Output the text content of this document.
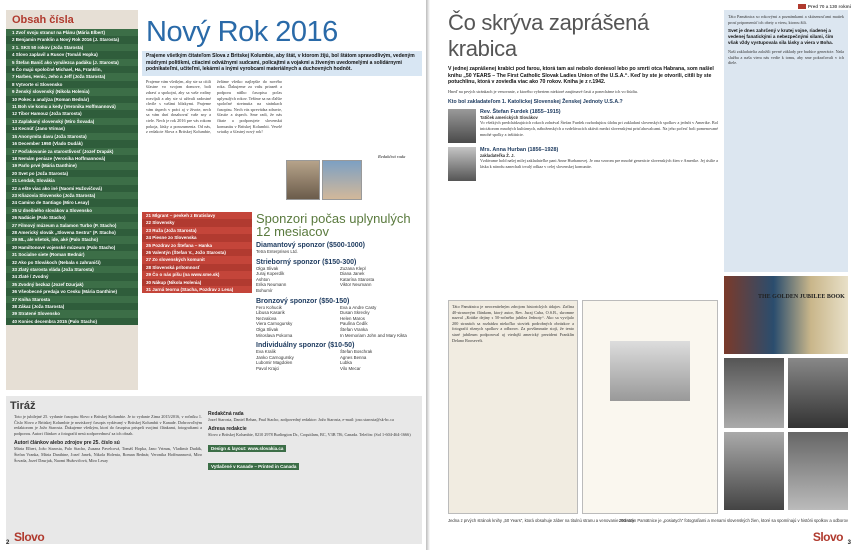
Obsah čísla
1 Zvoľ svoju stranu! na Plánu (Mária Elbert)
2 Benjamin Franklin a Nový Rok 2016 (J. Starosta)
3 1. SKS 50 rokov (Joža Starosta)
4 Slovo zaplavil a Rusov (Tomáš Hopka)
5 Štefan Banič ako vynálezca padáku (J. Starosta)
6 Čo majú spoločné Michael, Ha, Franklin,
7 Harbes, Henic, Jeho a Jeff (Joža Starosta)
8 Vytvorte si Slovensko
9 Ženský slovenský (Nikola Holenia)
10 Pokec a analýza (Roman Bednár)
11 Boh vie komu a kedy (Veronika Hoffmannová)
12 Tibor Hamouz (Joža Starosta)
13 Zaplakaný slovenský (Miro Šovada)
14 Kecnúť (Jano Vrimas)
15 Anonymita davu (Joža Starosta)
16 December 1950 (Vlado Dudák)
17 Poďakovanie za starostlivosť (Jozef Drapák)
18 Nemám peniaze (Veronika Hoffmannová)
19 Parlo prvé (Mária Danthine)
20 Svet po (Joža Starosta)
21 Lendak, Slovákia
22 a ešte viac ako iné (Naomi Hužovičová)
23 Kňazovia Slovensko (Joža Starosta)
24 Camino de Santiago (Miro Lesay)
25 U dnešného slovákov a Slovensko
26 Nadácie (Palo Stacho)
27 Filmový múzeum a Salamon Turbo (P. Stacho)
28 Americký slovák „Slovena Sestra“ (P. Stacho)
29 ML, ale všetok, ide, aké (Palo Stacho)
30 Hamiltonové vojenské múzeum (Palo Stacho)
31 Socialne siete (Roman Bednár)
32 Ako po Slovákoch (Nebala s zahraničí)
33 Zlatý starosta vláda (Joža Starosta)
34 Zlaté / Zvodný
35 Zvodný bezkaz (Jozef Dzurjak)
36 Všeobecné predaja vo Cesku (Mária Danthine)
37 Kniha Starosta
38 Zákaz (Joža Starosta)
39 Stratené Slovensko
40 Koniec decembra 2015 (Palo Stacho)
Nový Rok 2016

Prajeme všetkým čitateľom Slova z Britskej Kolumbie, aby štát, v ktorom žijú, bol štátom spravodlivým, vedeným múdrymi politikmi, ctiacimi odvážnymi sudcami, policajtmi a vojakmi a živeným uvedomelými a solidárnymi podnikateľmi, učiteľmi, lekármi a inými vyrobcami materiálnych a duchovných hodnôt.

Prajeme vám všetkým, aby ste sa cítili šťastne vo svojom domove, boli zdraví a spokojní, aby sa vaše rodiny rozvíjali a aby ste si užívali radostné chvíle s vašimi blízkymi. Prajeme vám úspech v práci aj v živote, nech sa vám darí dosahovať vaše sny a ciele. Nech je rok 2016 pre vás rokom pokoja, lásky a porozumenia. Od nás, z redakcie Slova z Britskej Kolumbie, želáme všetko najlepšie do nového roka. Ďakujeme za vašu priazeň a podporu nášho časopisu počas uplynulých rokov. Tešíme sa na ďalšie spoločné stretnutia na stránkach časopisu. Nech vás sprevádza zdravie, šťastie a úspech. Sme radi, že nás čítate a podporujete slovenskú komunitu v Britskej Kolumbii. Veselé sviatky a šťastný nový rok!
Redakčná rada
21 Mlgrant – pevkeh z Bratislavy
22 Slovensky
23 Ruža (Joža Starosta)
24 Piesne zo Slovenska
25 Pozdrav zo Štefana – Hanka
26 Valentýn (Štefan V., Jožo Starosta)
27 Zo slovenských komunit
28 Slovenská prítomnosť
29 Čo o nás píšu (na www.sme.sk)
30 Nákup (Nikola Holenia)
31 Jarná teorna (Stacha, Pozdrav z Lesa)
Sponzori počas uplynulých 12 mesiacov
Diamantový sponzor ($500-1000)
Tetra Enterprises Ltd.
Strieborný sponzor ($150-300)
Olga Slivak
Juraj Koperdík
Ashton
Erika Neumann
Bohumír
Zuzana Klepl
Diana Janek
Katarína Starosta
Viktor Neumann
Bronzový sponzor ($50-150)
Fero Kohucik
Libusa Kasarik
Nezvalova
Viera Carnogursky
Olga Slivak
Miroslava Pokorna
Eva a Andre Casty
Dusan Skrecky
Helen Maros
Paulína Čedík
Štefan Vranka
In Memoriam John and Mary Kikta
Individuálny sponzor ($10-50)
Eva Kralik
Janko Carnogursky
Lubomir Magdolen
Pavol Krajci
Štefan Boschrak
Agnes Benna
Lubka
Vilo Mecar
Tiráž

Toto je jubilejné 25. vydanie časopisu Slovo z Britskej Kolumbie. Je to vydanie Zima 2015/2016, v ročníku 1. Číslo Slovo z Britskej Kolumbie je neziskový časopis vydávaný v Britskej Kolumbii v Kanade. Dobrovoľným redaktorom je Jožo Starosta. Ďakujeme všetkým, ktorí do časopisu prispeli svojimi článkami, fotografiami a podporou. Autori článkov a fotografií nesú zodpovednosť za ich obsah.

Autori článkov alebo zdrojov pre 25. číslo sú

Mária Elbert, Jožo Starosta, Palo Stacho, Zuzana Pavelcová, Tomáš Hopka, Jano Vrimas, Vladimír Dudák, Štefan Vranka, Mária Danthine, Jozef Janek, Nikola Holenia, Roman Bednár, Veronika Hoffmannová, Miro Šovada, Jozef Dzurjak, Naomi Hužovičová, Miro Lesay

Redakčná rada

Jozef Starosta, Daniel Behan, Paul Stacho, zodpovedný redaktor: Jožo Starosta, e-mail: joso.starosta@sk-bc.ca

Adresa redakcie

Slovo z Britskej Kolumbie, 8210 2978 Burlington Dr., Coquitlam, BC, V3B 7J6, Canada. Telefón: (Sol 1-604-464-1666)

Design & layout: www.slovakia.ca
Vytlačené v Kanade – Printed in Canada
2 Slovo
Pred 70 a 130 rokmi
Čo skrýva zaprášená krabica

V jednej zaprášenej krabici pod farou, ktorá tam asi nebolo doniesol lebo po smrti otca Habrana, som našiel knihu „50 YEARS – The First Catholic Slovak Ladies Union of the U.S.A.“. Keď by ste je otvorili, citili by ste potuchlinu, ktorá v zoviedla viac ako 70 rokov. Kniha je z r.1942.

Hneď na prvých stránkach je venovanie, z ktorého vyberiem niektoré zaujímavé časti a ponecháme ich vo štúdiu.

Kto bol zakladateľom 1. Katolíckej Slovenskej Ženskej Jednoty U.S.A.?

Rev. Štefan Furdek (1855–1915)
Tatíček amerických Slovákov

Vo všetkých predchádzajúcich rokoch zohrával Štefan Furdek rozhodujúcu úlohu pri zakladaní slovenských spolkov a jednôt v Amerike. Bol iniciátorom mnohých kultúrnych, náboženských a vzdelávacích aktivít medzi slovenskými prisťahovalcami. Na jeho počesť boli pomenované mnohé spolky a inštitúcie.

Mrs. Anna Hurban (1856–1928)
zakladateľka Ž. J.

Vzdávame hold našej milej zakladateľke pani Anne Hurbanovej. Je ona vzorom pre mnohé generácie slovenských žien v Amerike. Jej úsilie a láska k národu zanechali trvalý odkaz v celej slovenskej komunite.

Táto Pamätnica je neocenitelným zdrojom historických údajov. Začína 40-stranovým článkom, ktorý autor, Rev. Juraj Cuba, O.S.B., skromne nazval „Krátke dejiny s 50-ročného jubilea Jednoty“. Ako sa vyvíjalo 200 stranách sa rozhádza niekoľko stoviek podrobných obrázkov a fotografií rôznych spolkov a odborov. Za povšimnutie stojí, že tento staré jubileum podporoval aj vtedajší americký prezident Franklin Delano Roosevelt.

Jedna z prvých stránok knihy „50 Years“, ktorá obsahuje záber na titulnú stranu a venovanie Jednoty

Táto Pamätnica so rokovými a poznámkami a skúsenosťami matiek prosí pripomenúť ich obety a vieru, ktorou žili.

Svet je dnes zahrčený v krutej vojne, riadenej a vedenej fanatickými a nebezpečnými silami, čím však vždy vystupovala sila lásky a viera v Boha.

Naši zakladatelia založili pevné základy pre budúce generácie. Naša služba a naša viera nás vedie k tomu, aby sme pokračovali v ich diele.

THE GOLDEN JUBILEE BOOK

200 strán Pamätnice je „posiatych“ fotografiami a menami slovenských žien, ktoré sa spomínajú v histórii spolkov a odborov

3
Slovo
